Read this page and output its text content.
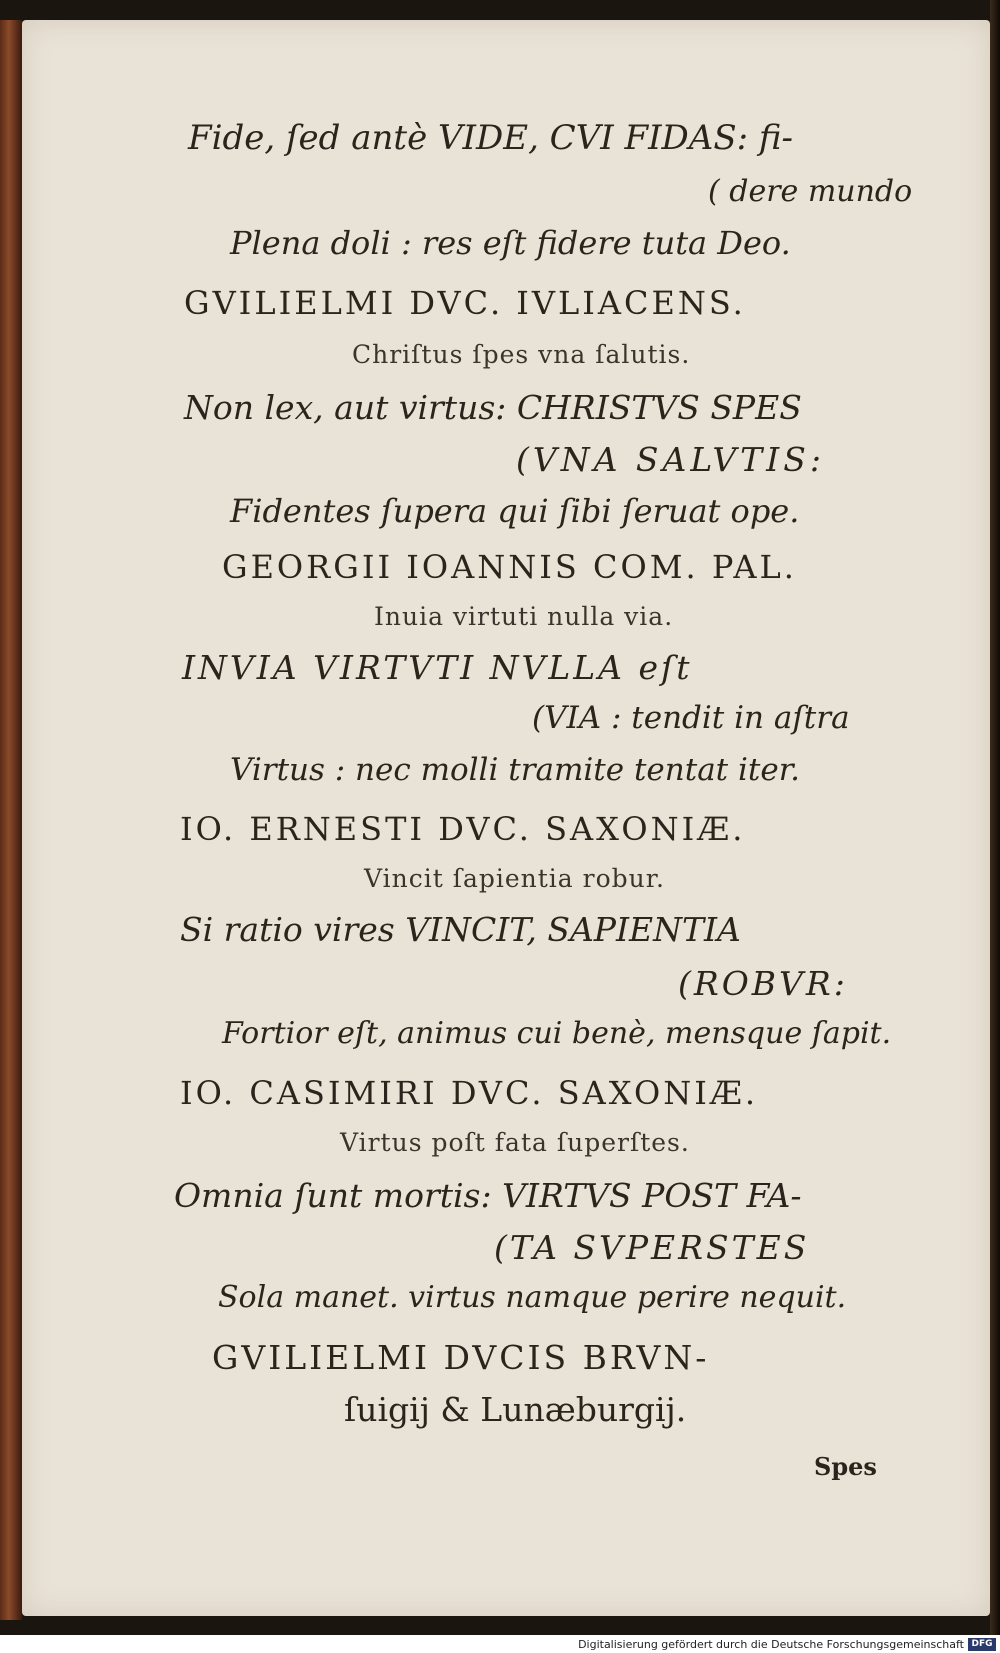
Fide, ſed antè VIDE, CVI FIDAS: fi-
( dere mundo
Plena doli : res eſt fidere tuta Deo.
GVILIELMI DVC. IVLIACENS.
Chriſtus ſpes vna ſalutis.
Non lex, aut virtus: CHRISTVS SPES
(VNA SALVTIS:
Fidentes ſupera qui ſibi ſeruat ope.
GEORGII IOANNIS COM. PAL.
Inuia virtuti nulla via.
INVIA VIRTVTI NVLLA eſt
(VIA : tendit in aſtra
Virtus : nec molli tramite tentat iter.
IO. ERNESTI DVC. SAXONIÆ.
Vincit ſapientia robur.
Si ratio vires VINCIT, SAPIENTIA
(ROBVR:
Fortior eſt, animus cui benè, mensque ſapit.
IO. CASIMIRI DVC. SAXONIÆ.
Virtus poſt fata ſuperſtes.
Omnia ſunt mortis: VIRTVS POST FA-
(TA SVPERSTES
Sola manet. virtus namque perire nequit.
GVILIELMI DVCIS BRVN-
ſuigij & Lunæburgij.
Spes
Digitalisierung gefördert durch die Deutsche Forschungsgemeinschaft DFG
